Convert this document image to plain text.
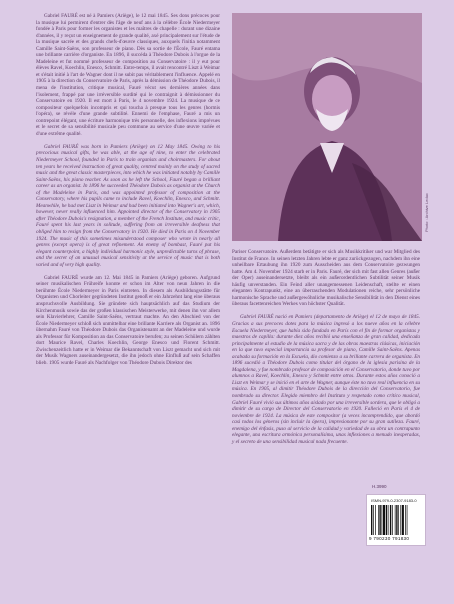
Gabriel FAURÉ est né à Pamiers (Ariège), le 12 mai 1845. Ses dons précoces pour la musique lui permirent d'entrer dès l'âge de neuf ans à la célèbre École Niedermeyer fondée à Paris pour former les organistes et les maîtres de chapelle : durant une dizaine d'années, il y reçut un enseignement de grande qualité, axé principalement sur l'étude de la musique sacrée et des grands chefs-d'œuvre classiques, auxquels l'initia notamment Camille Saint-Saëns, son professeur de piano. Dès sa sortie de l'École, Fauré entama une brillante carrière d'organiste. En 1896, il succéda à Théodore Dubois à l'orgue de la Madeleine et fut nommé professeur de composition au Conservatoire : il y eut pour élèves Ravel, Koechlin, Enesco, Schmitt. Entre-temps, il avait rencontré Liszt à Weimar et s'était initié à l'art de Wagner dont il ne subit pas véritablement l'influence. Appelé en 1905 à la direction du Conservatoire de Paris, après la démission de Théodore Dubois, il mena de l'institution, critique musical, Fauré vécut ses dernières années dans l'isolement, frappé par une irréversible surdité qui le contraignit à démissionner du Conservatoire en 1920. Il est mort à Paris, le 4 novembre 1924. La musique de ce compositeur quelquefois incompris et qui toucha à presque tous les genres (hormis l'opéra), se révèle d'une grande subtilité. Ennemi de l'emphase, Fauré a mis un contrepoint élégant, une écriture harmonique très personnelle, des inflexions imprévues et le secret de sa sensibilité musicale peu commune au service d'une œuvre variée et d'une extrême qualité.

Gabriel FAURÉ was born in Pamiers (Ariège) on 12 May 1845. Owing to his precocious musical gifts, he was able, at the age of nine, to enter the celebrated Niedermeyer School, founded in Paris to train organists and choirmasters. For about ten years he received instruction of great quality, centred mainly on the study of sacred music and the great classic masterpieces, into which he was initiated notably by Camille Saint-Saëns, his piano teacher. As soon as he left the School, Fauré began a brilliant career as an organist. In 1896 he succeeded Théodore Dubois as organist at the Church of the Madeleine in Paris, and was appointed professor of composition at the Conservatory, where his pupils came to include Ravel, Koechlin, Enesco, and Schmitt. Meanwhile, he had met Liszt in Weimar and had been initiated into Wagner's art, which, however, never really influenced him. Appointed director of the Conservatory in 1905 after Théodore Dubois's resignation, a member of the French Institute, and music critic, Fauré spent his last years in solitude, suffering from an irreversible deafness that obliged him to resign from the Conservatory in 1920. He died in Paris on 4 November 1924. The music of this sometimes misunderstood composer who wrote in nearly all genres (except opera) is of great refinement. An enemy of bombast, Fauré put his elegant counterpoint, a highly individual harmonic style, unpredictable turns of phrase, and the secret of an unusual musical sensitivity at the service of music that is both varied and of very high quality.

Gabriel FAURÉ wurde am 12. Mai 1845 in Pamiers (Ariège) geboren. Aufgrund seiner musikalischen Frühreife konnte er schon im Alter von neun Jahren in die berühmte École Niedermeyer in Paris eintreten. In diesem als Ausbildungsstätte für Organisten und Chorleiter gegründeten Institut genoß er ein Jahrzehnt lang eine überaus anspruchsvolle Ausbildung. Sie gründete sich hauptsächlich auf das Studium der Kirchenmusik sowie das der großen klassischen Meisterwerke, mit denen ihn vor allem sein Klavierlehrer, Camille Saint-Saëns, vertraut machte. An den Abschied von der École Niedermeyer schloß sich unmittelbar eine brillante Karriere als Organist an. 1896 übernahm Fauré von Théodore Dubois das Organistenamt an der Madeleine und wurde als Professor für Komposition an das Conservatoire berufen; zu seinen Schülern zählten dort Maurice Ravel, Charles Koechlin, George Enesco und Florent Schmitt. Zwischenzeitlich hatte er in Weimar die Bekanntschaft von Liszt gemacht und sich mit der Musik Wagners auseinandergesetzt, die ihn jedoch ohne Einfluß auf sein Schaffen blieb. 1905 wurde Fauré als Nachfolger von Théodore Dubois Direktor des

Photo : Archive Leduc

Pariser Conservatoire. Außerdem betätigte er sich als Musikkritiker und war Mitglied des Institut de France. In seinen letzten Jahren lebte er ganz zurückgezogen, nachdem ihn eine unheilbare Ertaubung ihn 1920 zum Ausscheiden aus dem Conservatoire gezwungen hatte. Am 4. November 1924 starb er in Paris. Fauré, der sich mit fast allen Genres (außer der Oper) auseinandersetzte, bleibt als ein außerordentlichen Subtilität seiner Musik häufig unverstanden. Ein Feind aller unangemessenen Leidenschaft, stellte er einen eleganten Kontrapunkt, eine an überraschenden Modulationen reiche, sehr persönliche harmonische Sprache und außergewöhnliche musikalische Sensibilität in den Dienst eines überaus facettenreichen Werkes von höchster Qualität.

Gabriel FAURÉ nació en Pamiers (departamento de Ariège) el 12 de mayo de 1845. Gracias a sus precoces dotes para la música ingresó a los nueve años en la célebre Escuela Niedermeyer, que había sido fundada en París con el fin de formar organistas y maestros de capilla: durante diez años recibió una enseñanza de gran calidad, dedicada principalmente al estudio de la música sacra y de las obras maestras clásicas, iniciación en la que tuvo especial importancia su profesor de piano, Camille Saint-Saëns. Apenas acabada su formación en la Escuela, dio comienzo a su brillante carrera de organista. En 1896 sucedió a Théodore Dubois como titular del órgano de la iglesia parisina de la Magdalena, y fue nombrado profesor de composición en el Conservatorio, donde tuvo por alumnos a Ravel, Koechlin, Enesco y Schmitt entre otros. Durante estos años conoció a Liszt en Weimar y se inició en el arte de Wagner, aunque éste no tuvo real influencia en su música. En 1905, al dimitir Théodore Dubois de la dirección del Conservatorio, fue nombrado su director. Elegido miembro del Instituto y respetado como crítico musical, Gabriel Fauré vivió sus últimos años aislado por una irreversible sordera, que le obligó a dimitir de su cargo de Director del Conservatorio en 1920. Falleció en París el 4 de noviembre de 1924. La música de este compositor (a veces incomprendido, que abordó casi todos los géneros (sin incluir la ópera), impresionante por su gran sutileza. Fauré, enemigo del énfasis, puso al servicio de la calidad y variedad de su obra un contrapunto elegante, una escritura armónica personalísima, unas inflexiones a menudo inesperadas, y el secreto de una sensibilidad musical nada frecuente.

H.3990
ISMN-979-0-2307-9183-0
9 790230 791830
